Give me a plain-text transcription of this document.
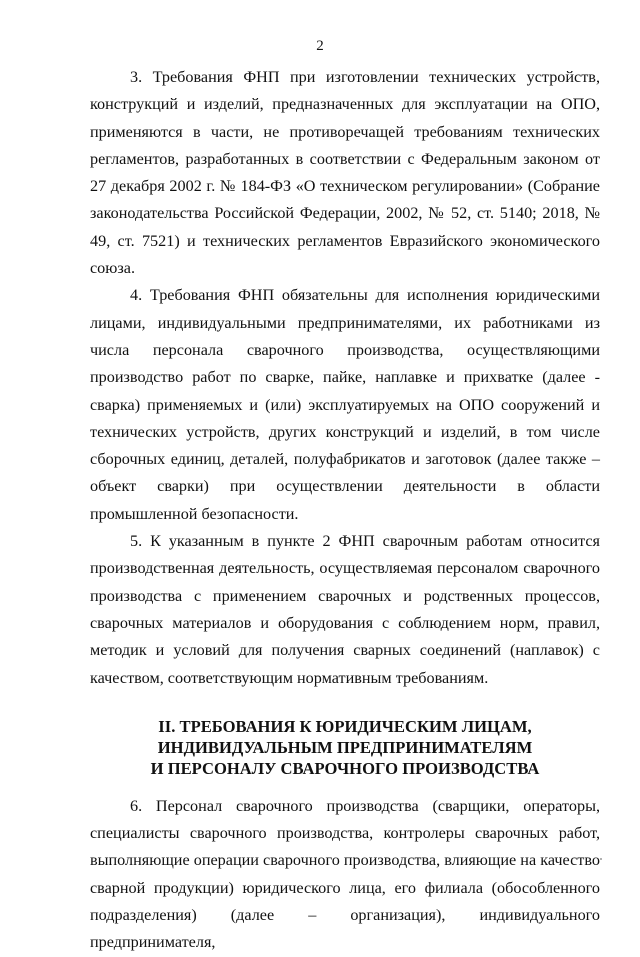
2

3. Требования ФНП при изготовлении технических устройств, конструкций и изделий, предназначенных для эксплуатации на ОПО, применяются в части, не противоречащей требованиям технических регламентов, разработанных в соответствии с Федеральным законом от 27 декабря 2002 г. № 184-ФЗ «О техническом регулировании» (Собрание законодательства Российской Федерации, 2002, № 52, ст. 5140; 2018, № 49, ст. 7521) и технических регламентов Евразийского экономического союза.

4. Требования ФНП обязательны для исполнения юридическими лицами, индивидуальными предпринимателями, их работниками из числа персонала сварочного производства, осуществляющими производство работ по сварке, пайке, наплавке и прихватке (далее - сварка) применяемых и (или) эксплуатируемых на ОПО сооружений и технических устройств, других конструкций и изделий, в том числе сборочных единиц, деталей, полуфабрикатов и заготовок (далее также – объект сварки) при осуществлении деятельности в области промышленной безопасности.

5. К указанным в пункте 2 ФНП сварочным работам относится производственная деятельность, осуществляемая персоналом сварочного производства с применением сварочных и родственных процессов, сварочных материалов и оборудования с соблюдением норм, правил, методик и условий для получения сварных соединений (наплавок) с качеством, соответствующим нормативным требованиям.

II. ТРЕБОВАНИЯ К ЮРИДИЧЕСКИМ ЛИЦАМ,
ИНДИВИДУАЛЬНЫМ ПРЕДПРИНИМАТЕЛЯМ
И ПЕРСОНАЛУ СВАРОЧНОГО ПРОИЗВОДСТВА

6. Персонал сварочного производства (сварщики, операторы, специалисты сварочного производства, контролеры сварочных работ, выполняющие операции сварочного производства, влияющие на качество сварной продукции) юридического лица, его филиала (обособленного подразделения) (далее – организация), индивидуального предпринимателя,
